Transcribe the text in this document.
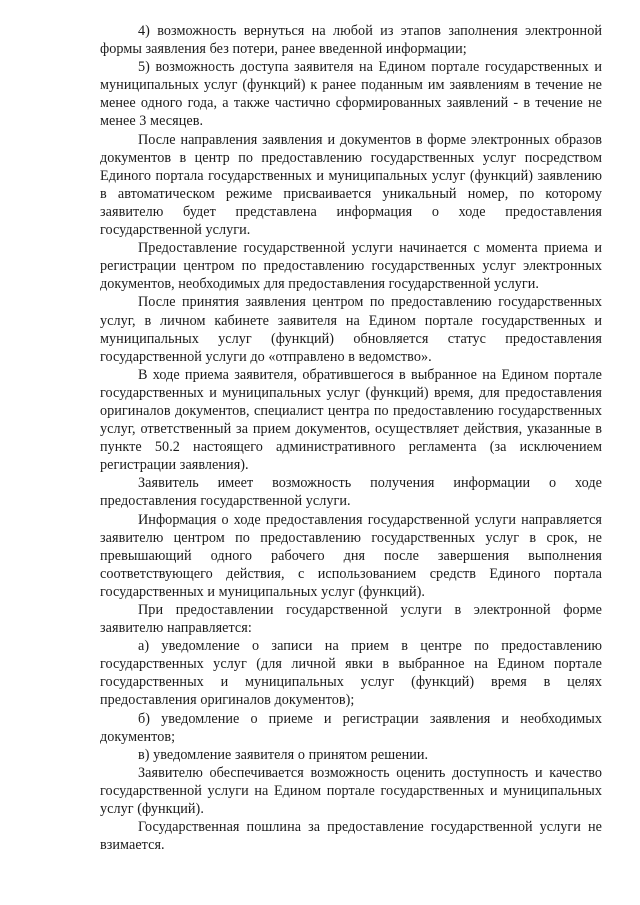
4) возможность вернуться на любой из этапов заполнения электронной формы заявления без потери, ранее введенной информации;

5) возможность доступа заявителя на Едином портале государственных и муниципальных услуг (функций) к ранее поданным им заявлениям в течение не менее одного года, а также частично сформированных заявлений - в течение не менее 3 месяцев.

После направления заявления и документов в форме электронных образов документов в центр по предоставлению государственных услуг посредством Единого портала государственных и муниципальных услуг (функций) заявлению в автоматическом режиме присваивается уникальный номер, по которому заявителю будет представлена информация о ходе предоставления государственной услуги.

Предоставление государственной услуги начинается с момента приема и регистрации центром по предоставлению государственных услуг электронных документов, необходимых для предоставления государственной услуги.

После принятия заявления центром по предоставлению государственных услуг, в личном кабинете заявителя на Едином портале государственных и муниципальных услуг (функций) обновляется статус предоставления государственной услуги до «отправлено в ведомство».

В ходе приема заявителя, обратившегося в выбранное на Едином портале государственных и муниципальных услуг (функций) время, для предоставления оригиналов документов, специалист центра по предоставлению государственных услуг, ответственный за прием документов, осуществляет действия, указанные в пункте 50.2 настоящего административного регламента (за исключением регистрации заявления).

Заявитель имеет возможность получения информации о ходе предоставления государственной услуги.

Информация о ходе предоставления государственной услуги направляется заявителю центром по предоставлению государственных услуг в срок, не превышающий одного рабочего дня после завершения выполнения соответствующего действия, с использованием средств Единого портала государственных и муниципальных услуг (функций).

При предоставлении государственной услуги в электронной форме заявителю направляется:

а) уведомление о записи на прием в центре по предоставлению государственных услуг (для личной явки в выбранное на Едином портале государственных и муниципальных услуг (функций) время в целях предоставления оригиналов документов);

б) уведомление о приеме и регистрации заявления и необходимых документов;

в) уведомление заявителя о принятом решении.

Заявителю обеспечивается возможность оценить доступность и качество государственной услуги на Едином портале государственных и муниципальных услуг (функций).

Государственная пошлина за предоставление государственной услуги не взимается.
